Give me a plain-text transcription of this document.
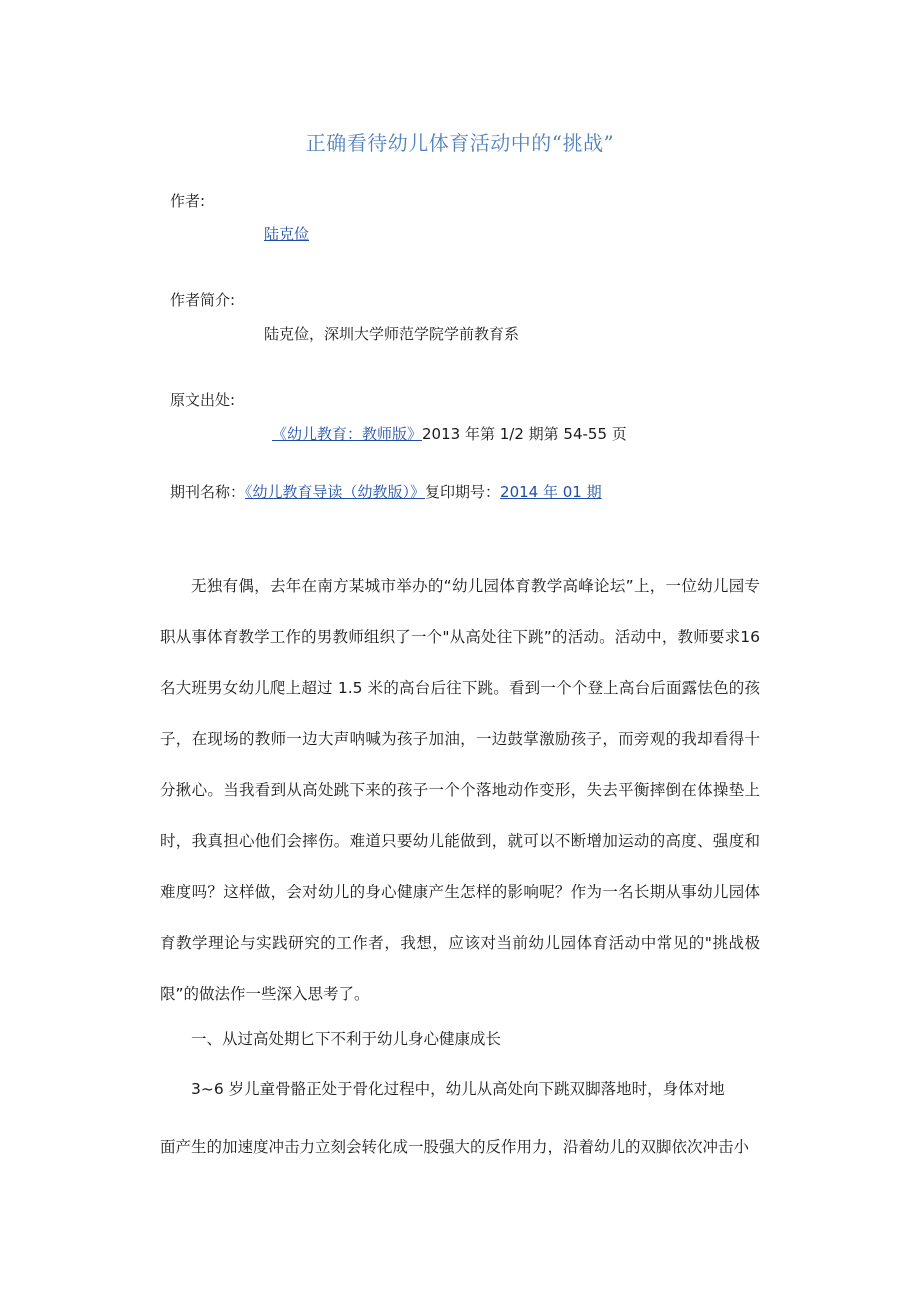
正确看待幼儿体育活动中的“挑战”
作者:
陆克俭
作者简介:
陆克俭，深圳大学师范学院学前教育系
原文出处:
《幼儿教育：教师版》2013 年第 1/2 期第 54-55 页
期刊名称：《幼儿教育导读（幼教版）》复印期号：2014 年 01 期
无独有偶，去年在南方某城市举办的“幼儿园体育教学高峰论坛”上，一位幼儿园专职从事体育教学工作的男教师组织了一个"从高处往下跳”的活动。活动中，教师要求16 名大班男女幼儿爬上超过 1.5 米的高台后往下跳。看到一个个登上高台后面露怯色的孩子，在现场的教师一边大声呐喊为孩子加油，一边鼓掌激励孩子，而旁观的我却看得十分揪心。当我看到从高处跳下来的孩子一个个落地动作变形，失去平衡摔倒在体操垫上时，我真担心他们会摔伤。难道只要幼儿能做到，就可以不断增加运动的高度、强度和难度吗？这样做，会对幼儿的身心健康产生怎样的影响呢？作为一名长期从事幼儿园体育教学理论与实践研究的工作者，我想，应该对当前幼儿园体育活动中常见的"挑战极限”的做法作一些深入思考了。
一、从过高处期匕下不利于幼儿身心健康成长
3~6 岁儿童骨骼正处于骨化过程中，幼儿从高处向下跳双脚落地时，身体对地
面产生的加速度冲击力立刻会转化成一股强大的反作用力，沿着幼儿的双脚依次冲击小
